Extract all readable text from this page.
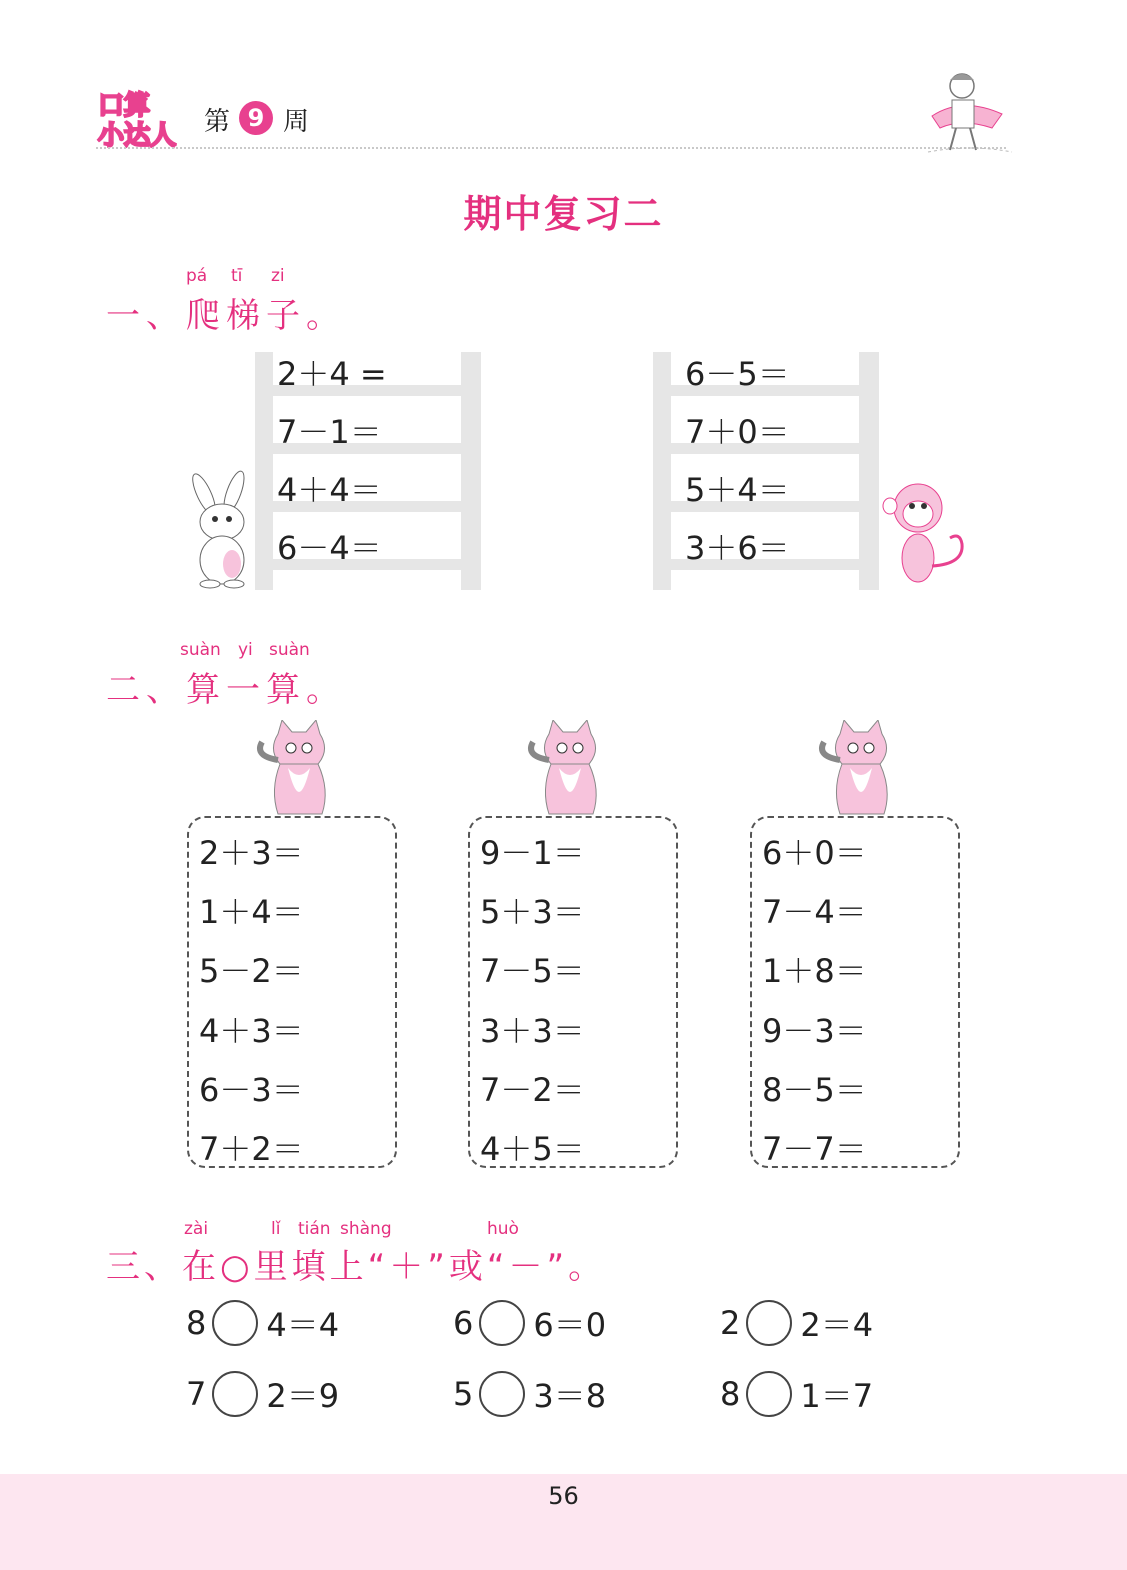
口算
小达人 第 9 周
期中复习二
pá tī zi
一、爬梯子。
2＋4 =
7－1＝
4＋4＝
6－4＝
6－5＝
7＋0＝
5＋4＝
3＋6＝
suàn yi suàn
二、算一算。
2＋3＝
1＋4＝
5－2＝
4＋3＝
6－3＝
7＋2＝
9－1＝
5＋3＝
7－5＝
3＋3＝
7－2＝
4＋5＝
6＋0＝
7－4＝
1＋8＝
9－3＝
8－5＝
7－7＝
zài	lǐ tián shàng	huò
三、在○里填上“＋”或“－”。
8 4＝4	6 6＝0	2 2＝4
7 2＝9	5 3＝8	8 1＝7
56
